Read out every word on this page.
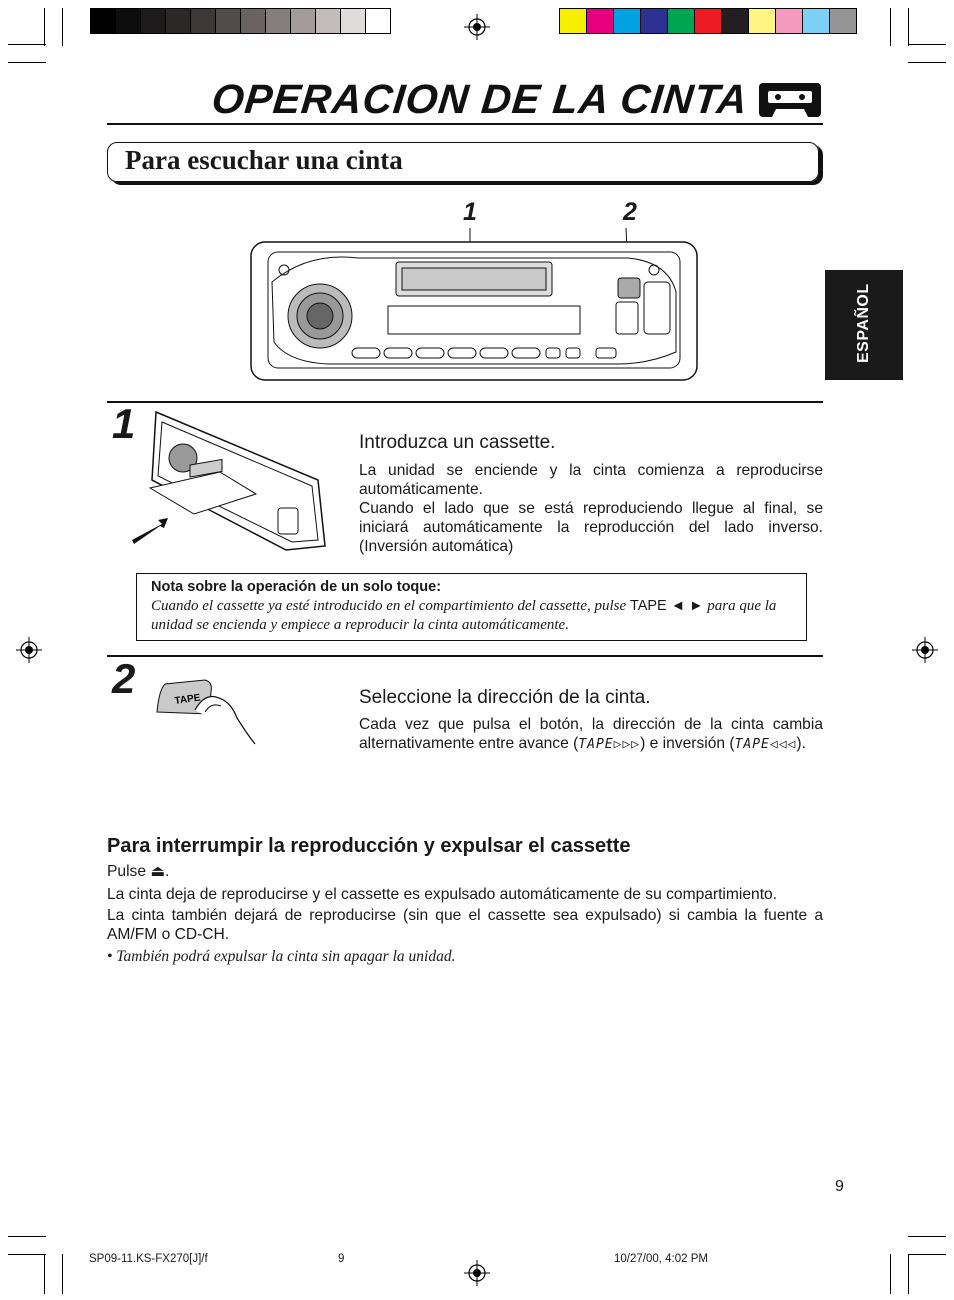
OPERACION DE LA CINTA
Para escuchar una cinta
ESPAÑOL
1	2
1	Introduzca un cassette.
La unidad se enciende y la cinta comienza a reproducirse automáticamente.
Cuando el lado que se está reproduciendo llegue al final, se iniciará automáticamente la reproducción del lado inverso. (Inversión automática)
Nota sobre la operación de un solo toque:
Cuando el cassette ya esté introducido en el compartimiento del cassette, pulse TAPE ◄ ► para que la unidad se encienda y empiece a reproducir la cinta automáticamente.
2	TAPE	Seleccione la dirección de la cinta.
Cada vez que pulsa el botón, la dirección de la cinta cambia alternativamente entre avance (TAPE▷▷▷) e inversión (TAPE◁◁◁).
Para interrumpir la reproducción y expulsar el cassette
Pulse ⏏.
La cinta deja de reproducirse y el cassette es expulsado automáticamente de su compartimiento.
La cinta también dejará de reproducirse (sin que el cassette sea expulsado) si cambia la fuente a AM/FM o CD-CH.
• También podrá expulsar la cinta sin apagar la unidad.
9
SP09-11.KS-FX270[J]/f	9	10/27/00, 4:02 PM
